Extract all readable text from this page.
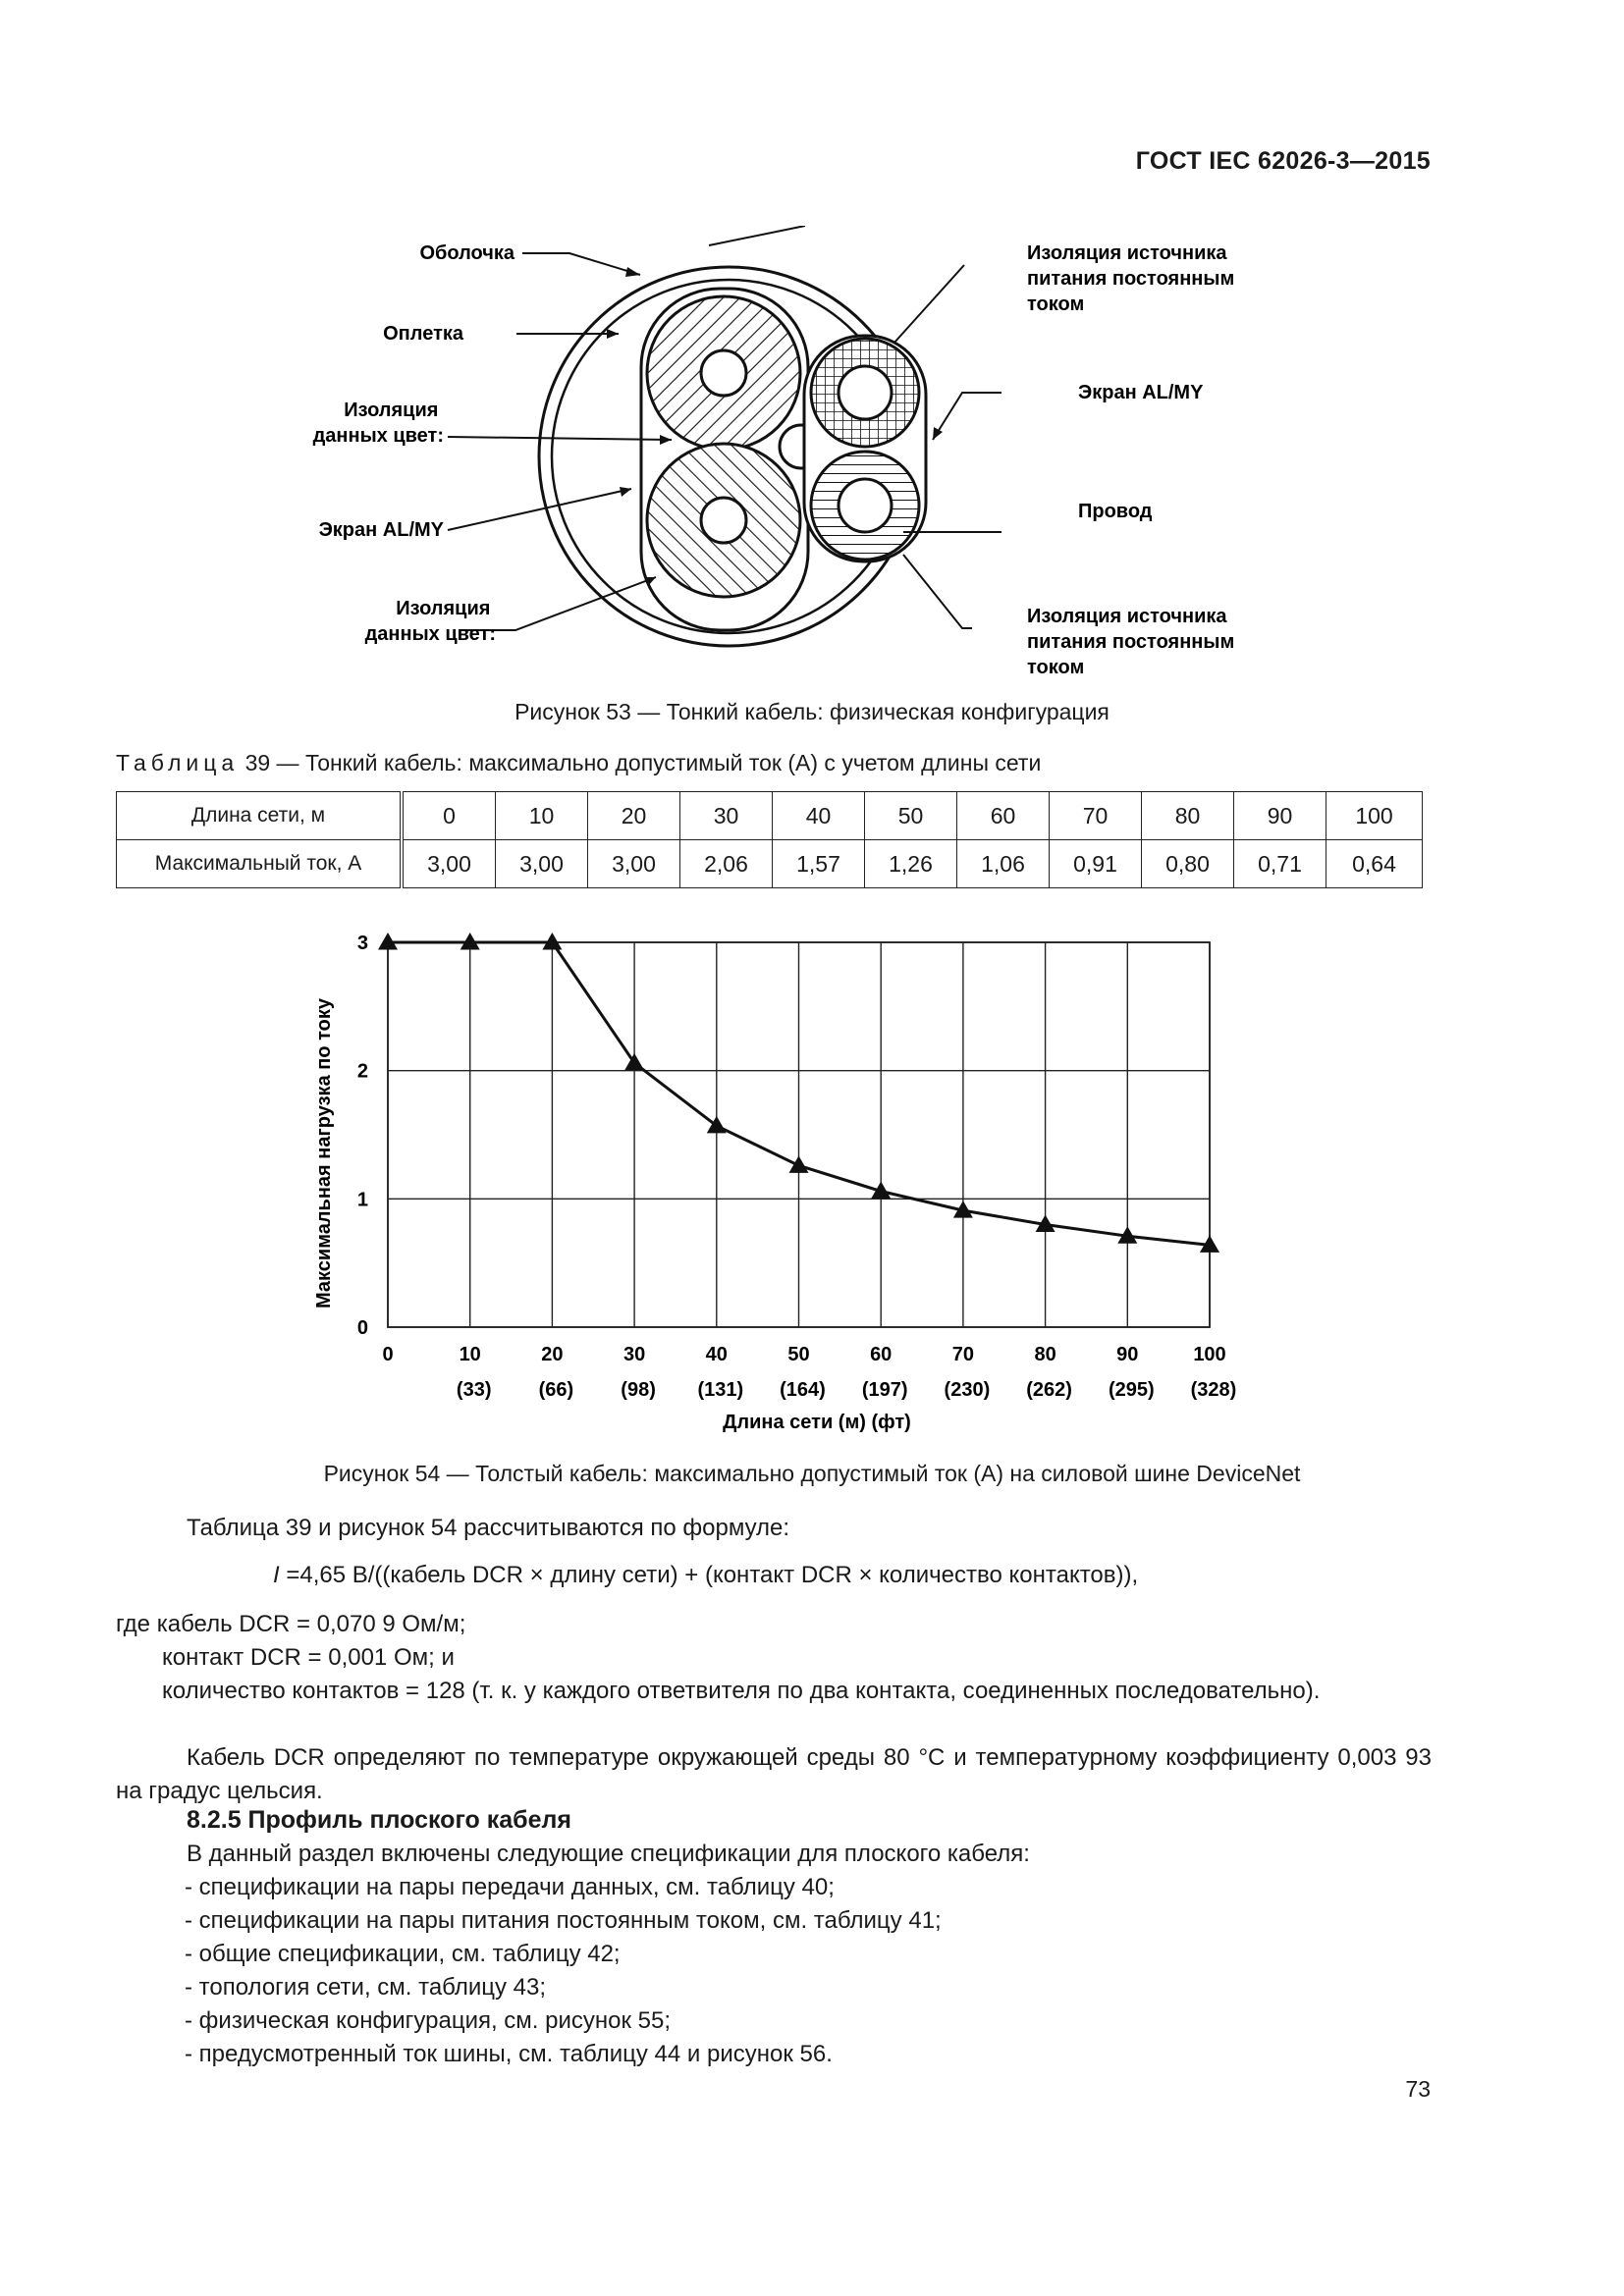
ГОСТ IEC 62026-3—2015
Оболочка
Оплетка
Изоляция данных цвет:
Экран AL/MY
Изоляция данных цвет:
Изоляция источника питания постоянным током
Экран AL/MY
Провод
Изоляция источника питания постоянным током
Рисунок 53 — Тонкий кабель: физическая конфигурация
Таблица 39 — Тонкий кабель: максимально допустимый ток (А) с учетом длины сети
Длина сети, м	0	10	20	30	40	50	60	70	80	90	100
Максимальный ток, А	3,00	3,00	3,00	2,06	1,57	1,26	1,06	0,91	0,80	0,71	0,64
0	10
(33)
20
(66)
30
(98)
40
(131)
50
(164)
60
(197)
70
(230)
80
(262)
90
(295)
100
(328)
0
1
2
3
Длина сети (м) (фт)
Максимальная нагрузка по току
Рисунок 54 — Толстый кабель: максимально допустимый ток (А) на силовой шине DeviceNet
Таблица 39 и рисунок 54 рассчитываются по формуле:
I =4,65 В/((кабель DCR × длину сети) + (контакт DCR × количество контактов)),
где кабель DCR = 0,070 9 Ом/м;
контакт DCR = 0,001 Ом; и
количество контактов = 128 (т. к. у каждого ответвителя по два контакта, соединенных последовательно).
Кабель DCR определяют по температуре окружающей среды 80 °С и температурному коэффициенту 0,003 93 на градус цельсия.
8.2.5 Профиль плоского кабеля
В данный раздел включены следующие спецификации для плоского кабеля:
- спецификации на пары передачи данных, см. таблицу 40;
- спецификации на пары питания постоянным током, см. таблицу 41;
- общие спецификации, см. таблицу 42;
- топология сети, см. таблицу 43;
- физическая конфигурация, см. рисунок 55;
- предусмотренный ток шины, см. таблицу 44 и рисунок 56.
73
